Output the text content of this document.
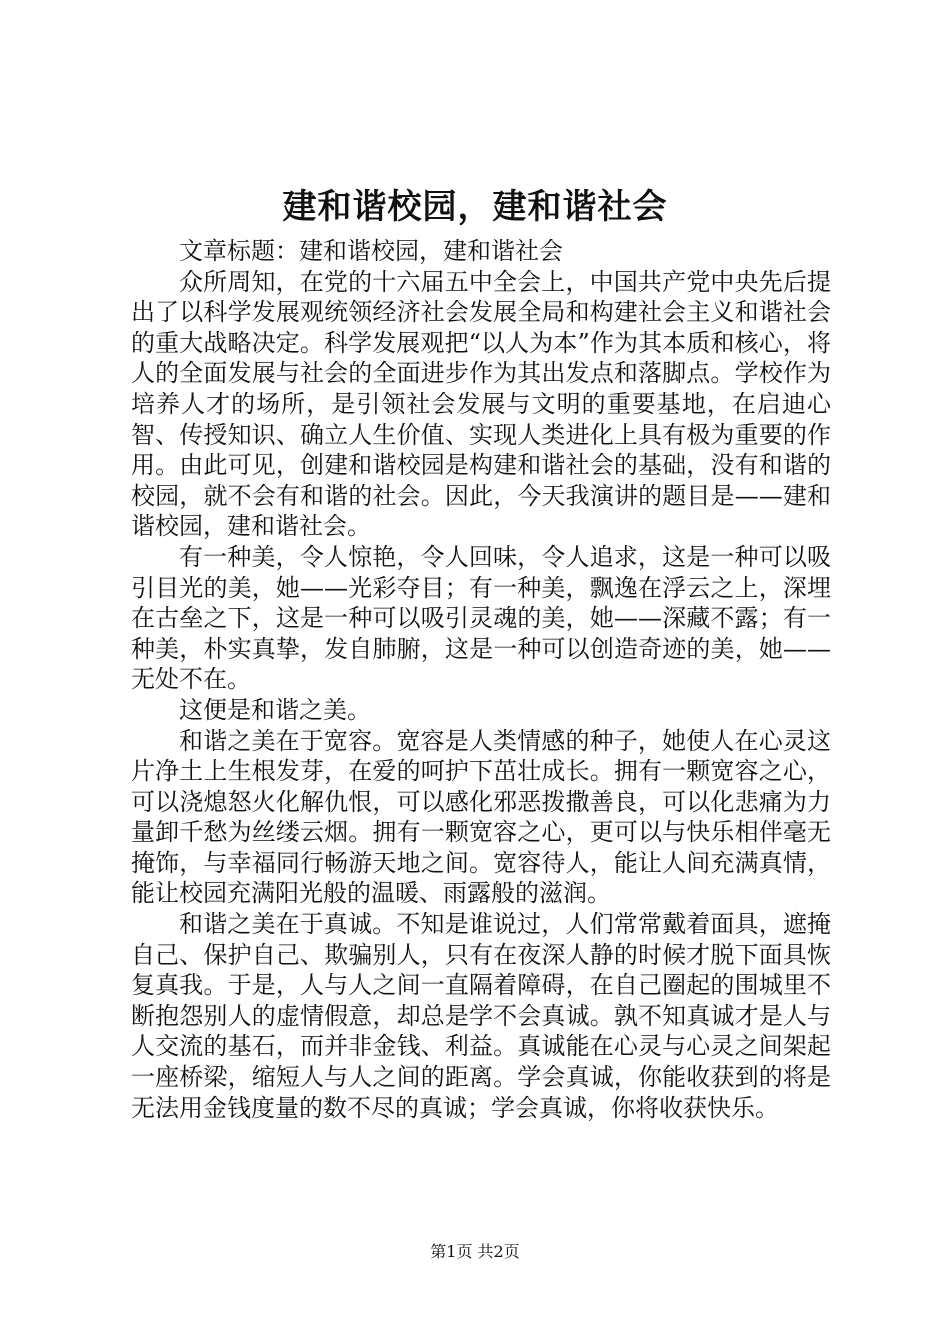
建和谐校园，建和谐社会

文章标题：建和谐校园，建和谐社会

众所周知，在党的十六届五中全会上，中国共产党中央先后提出了以科学发展观统领经济社会发展全局和构建社会主义和谐社会的重大战略决定。科学发展观把“以人为本”作为其本质和核心，将人的全面发展与社会的全面进步作为其出发点和落脚点。学校作为培养人才的场所，是引领社会发展与文明的重要基地，在启迪心智、传授知识、确立人生价值、实现人类进化上具有极为重要的作用。由此可见，创建和谐校园是构建和谐社会的基础，没有和谐的校园，就不会有和谐的社会。因此，今天我演讲的题目是——建和谐校园，建和谐社会。

有一种美，令人惊艳，令人回味，令人追求，这是一种可以吸引目光的美，她——光彩夺目；有一种美，飘逸在浮云之上，深埋在古垒之下，这是一种可以吸引灵魂的美，她——深藏不露；有一种美，朴实真挚，发自肺腑，这是一种可以创造奇迹的美，她——无处不在。

这便是和谐之美。

和谐之美在于宽容。宽容是人类情感的种子，她使人在心灵这片净土上生根发芽，在爱的呵护下茁壮成长。拥有一颗宽容之心，可以浇熄怒火化解仇恨，可以感化邪恶拨撒善良，可以化悲痛为力量卸千愁为丝缕云烟。拥有一颗宽容之心，更可以与快乐相伴毫无掩饰，与幸福同行畅游天地之间。宽容待人，能让人间充满真情，能让校园充满阳光般的温暖、雨露般的滋润。

和谐之美在于真诚。不知是谁说过，人们常常戴着面具，遮掩自己、保护自己、欺骗别人，只有在夜深人静的时候才脱下面具恢复真我。于是，人与人之间一直隔着障碍，在自己圈起的围城里不断抱怨别人的虚情假意，却总是学不会真诚。孰不知真诚才是人与人交流的基石，而并非金钱、利益。真诚能在心灵与心灵之间架起一座桥梁，缩短人与人之间的距离。学会真诚，你能收获到的将是无法用金钱度量的数不尽的真诚；学会真诚，你将收获快乐。

第1页 共2页
